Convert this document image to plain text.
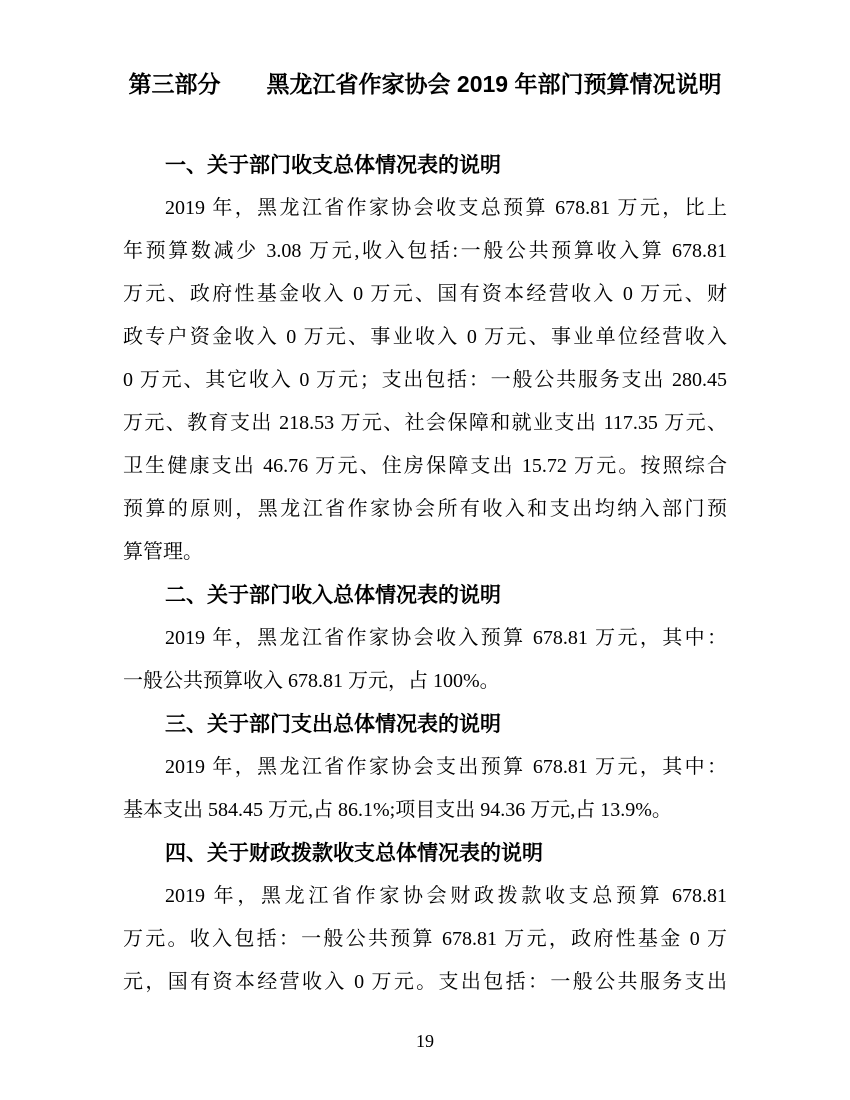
第三部分　　黑龙江省作家协会 2019 年部门预算情况说明
一、关于部门收支总体情况表的说明
2019 年，黑龙江省作家协会收支总预算 678.81 万元，比上
年预算数减少 3.08 万元,收入包括:一般公共预算收入算 678.81
万元、政府性基金收入 0 万元、国有资本经营收入 0 万元、财
政专户资金收入 0 万元、事业收入 0 万元、事业单位经营收入
0 万元、其它收入 0 万元；支出包括：一般公共服务支出 280.45
万元、教育支出 218.53 万元、社会保障和就业支出 117.35 万元、
卫生健康支出 46.76 万元、住房保障支出 15.72 万元。按照综合
预算的原则，黑龙江省作家协会所有收入和支出均纳入部门预
算管理。
二、关于部门收入总体情况表的说明
2019 年，黑龙江省作家协会收入预算 678.81 万元，其中：
一般公共预算收入 678.81 万元，占 100%。
三、关于部门支出总体情况表的说明
2019 年，黑龙江省作家协会支出预算 678.81 万元，其中：
基本支出 584.45 万元,占 86.1%;项目支出 94.36 万元,占 13.9%。
四、关于财政拨款收支总体情况表的说明
2019 年，黑龙江省作家协会财政拨款收支总预算 678.81
万元。收入包括：一般公共预算 678.81 万元，政府性基金 0 万
元，国有资本经营收入 0 万元。支出包括：一般公共服务支出
19
